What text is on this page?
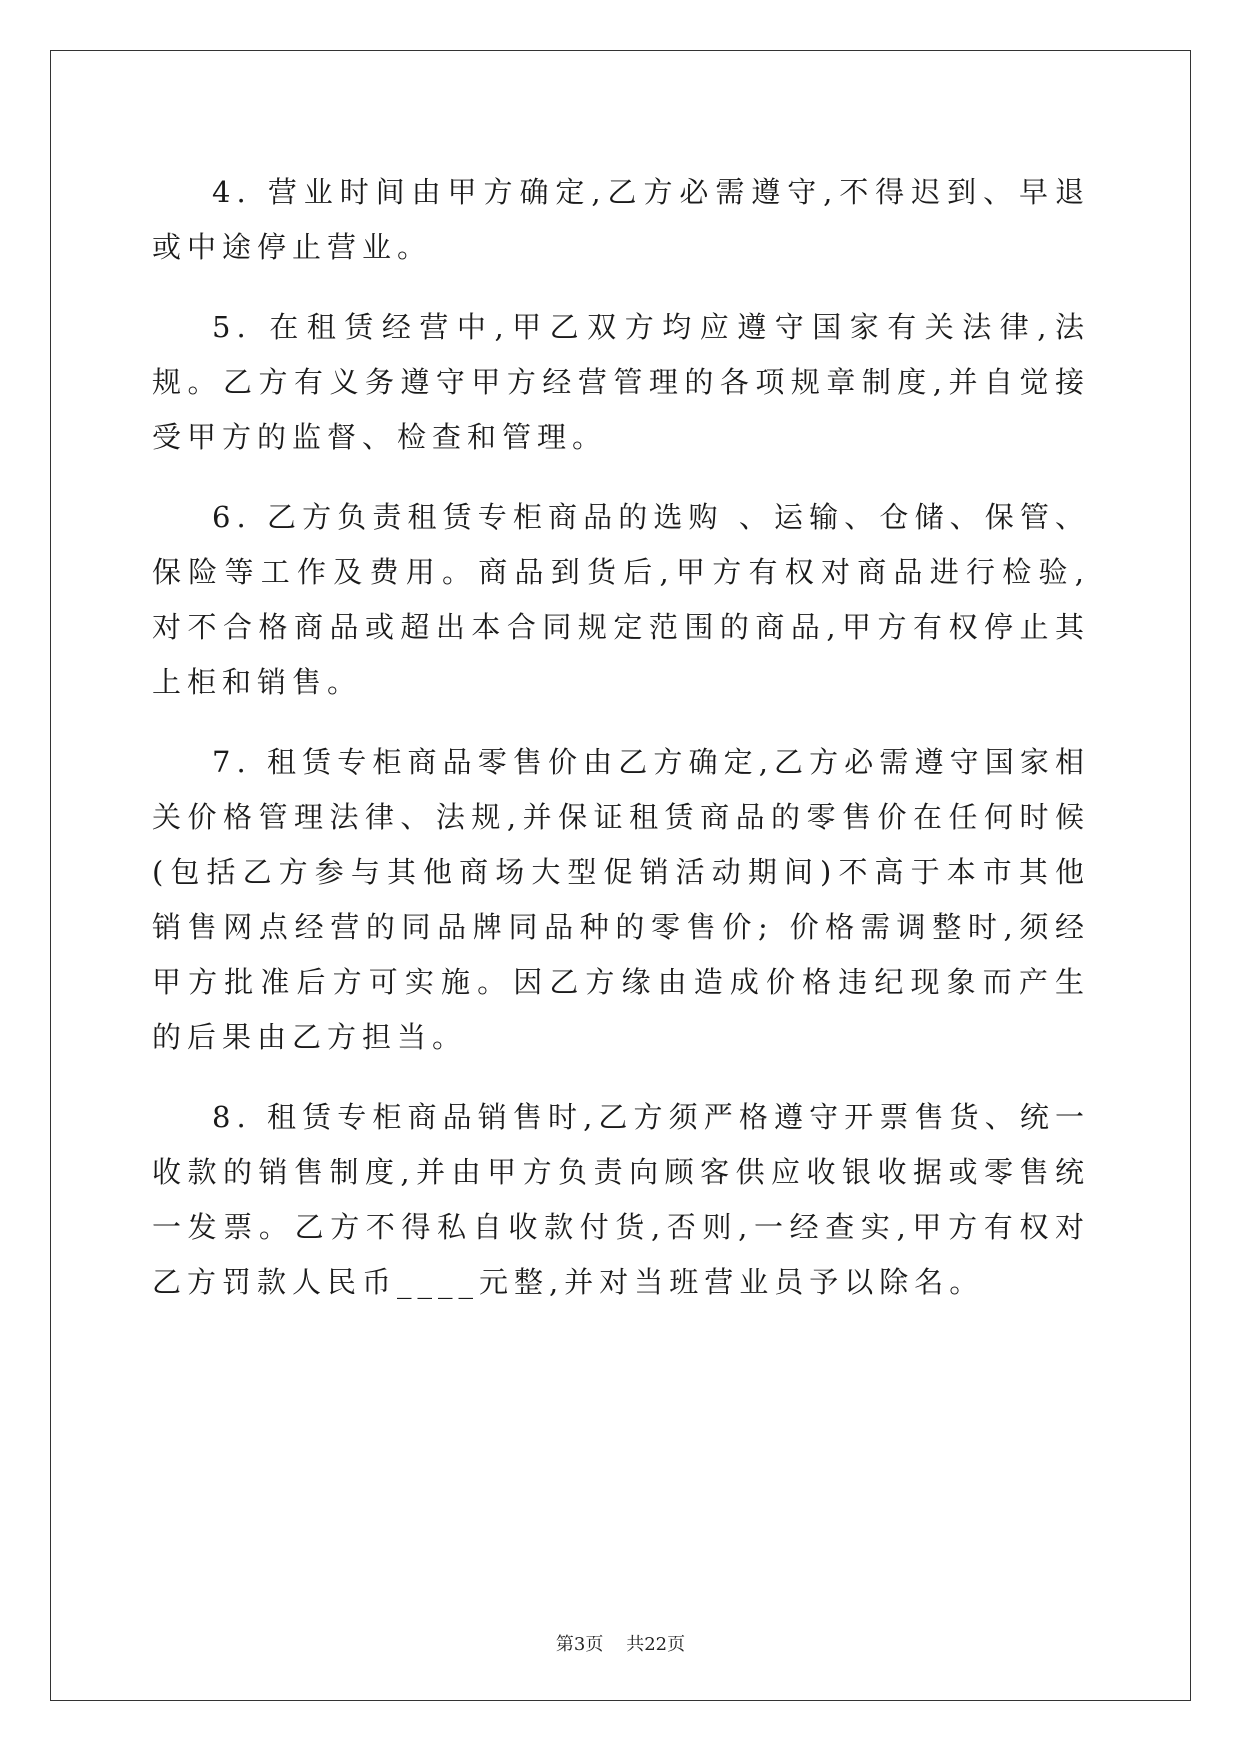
4. 营业时间由甲方确定,乙方必需遵守,不得迟到、早退或中途停止营业。

5. 在租赁经营中,甲乙双方均应遵守国家有关法律,法规。乙方有义务遵守甲方经营管理的各项规章制度,并自觉接受甲方的监督、检查和管理。

6. 乙方负责租赁专柜商品的选购 、运输、仓储、保管、保险等工作及费用。商品到货后,甲方有权对商品进行检验,对不合格商品或超出本合同规定范围的商品,甲方有权停止其上柜和销售。

7. 租赁专柜商品零售价由乙方确定,乙方必需遵守国家相关价格管理法律、法规,并保证租赁商品的零售价在任何时候(包括乙方参与其他商场大型促销活动期间)不高于本市其他销售网点经营的同品牌同品种的零售价; 价格需调整时,须经甲方批准后方可实施。因乙方缘由造成价格违纪现象而产生的后果由乙方担当。

8. 租赁专柜商品销售时,乙方须严格遵守开票售货、统一收款的销售制度,并由甲方负责向顾客供应收银收据或零售统一发票。乙方不得私自收款付货,否则,一经查实,甲方有权对乙方罚款人民币____元整,并对当班营业员予以除名。

第3页 共22页
